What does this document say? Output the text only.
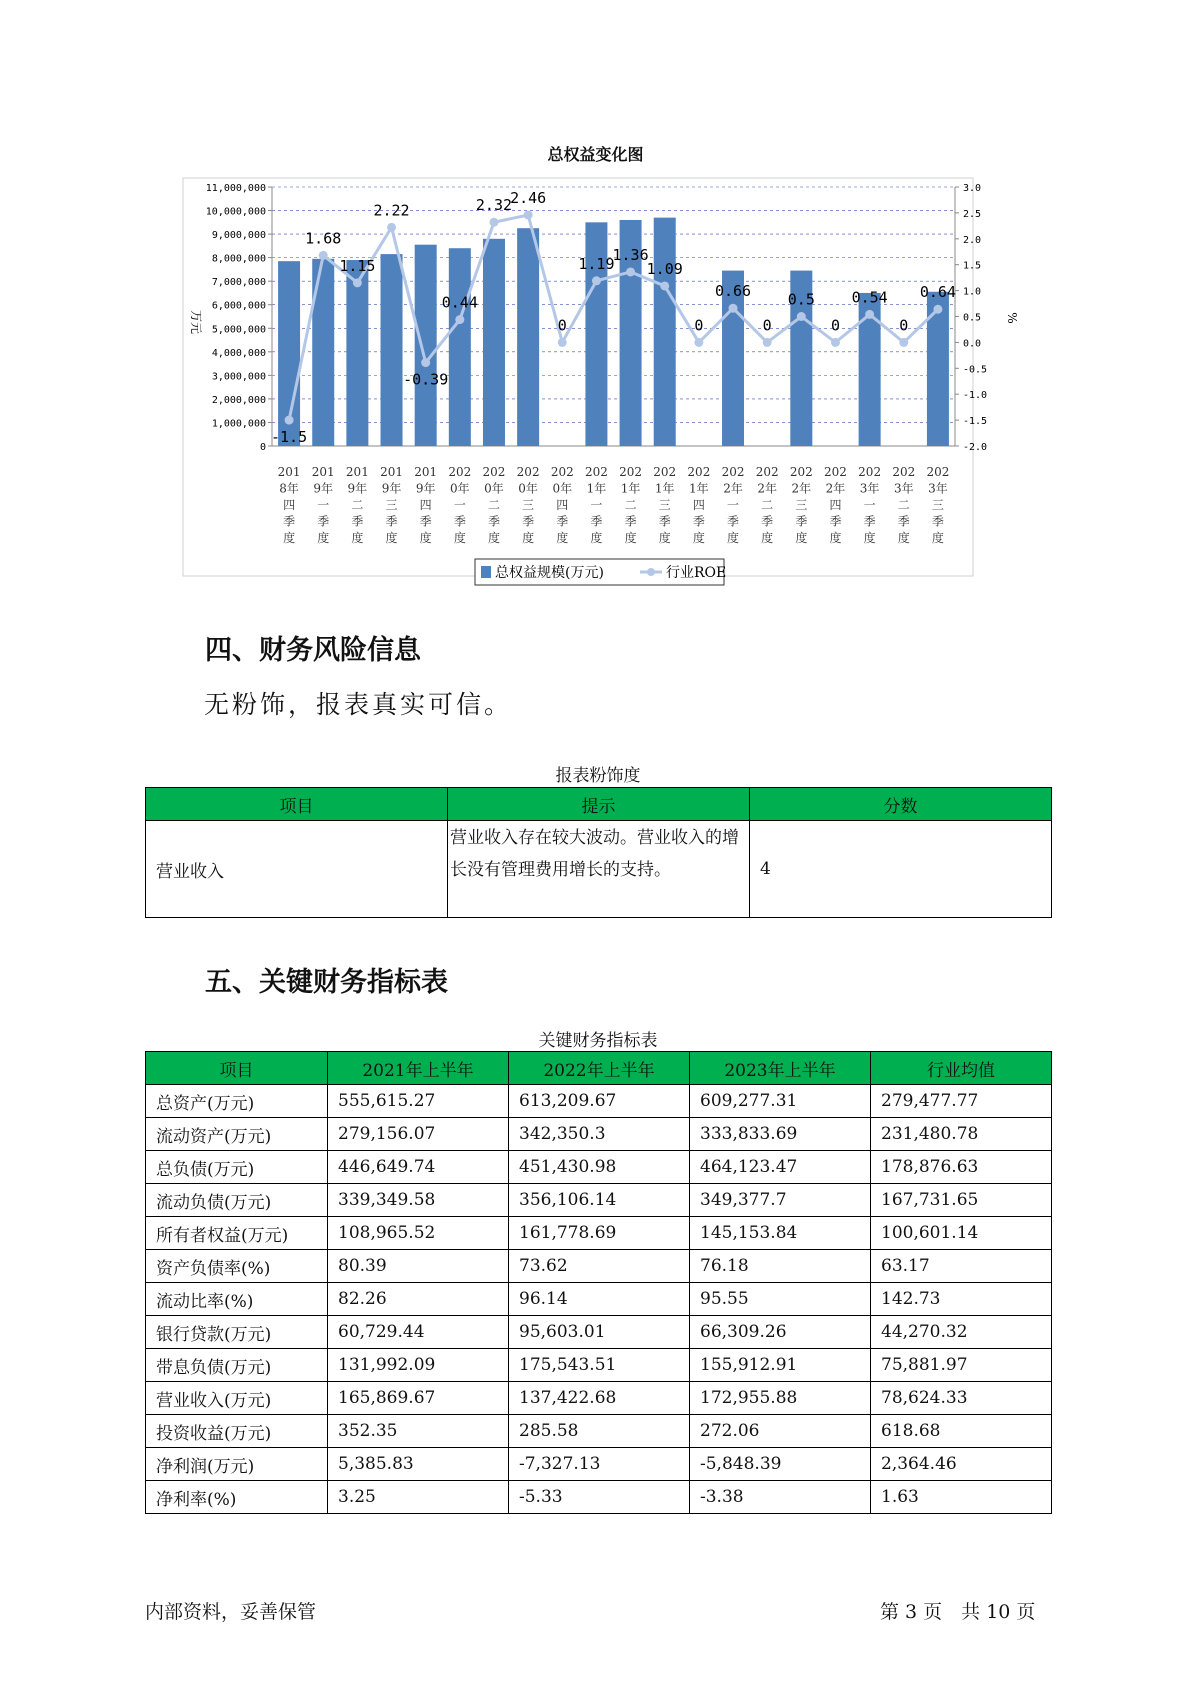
总权益变化图
11,000,000
10,000,000
9,000,000
8,000,000
7,000,000
6,000,000
5,000,000
4,000,000
3,000,000
2,000,000
1,000,000
0
3.0
2.5
2.0
1.5
1.0
0.5
0.0
-0.5
-1.0
-1.5
-2.0
万元	%
-1.5
1.68
1.15
2.22
-0.39
0.44
2.32
2.46
0
1.19
1.36
1.09
0
0.66
0
0.5
0
0.54
0
0.64
201
8年
四
季
度
201
9年
一
季
度
201
9年
二
季
度
201
9年
三
季
度
201
9年
四
季
度
202
0年
一
季
度
202
0年
二
季
度
202
0年
三
季
度
202
0年
四
季
度
202
1年
一
季
度
202
1年
二
季
度
202
1年
三
季
度
202
1年
四
季
度
202
2年
一
季
度
202
2年
二
季
度
202
2年
三
季
度
202
2年
四
季
度
202
3年
一
季
度
202
3年
二
季
度
202
3年
三
季
度
总权益规模(万元)	行业ROE
四、财务风险信息
无粉饰，报表真实可信。
报表粉饰度
项目	提示	分数
营业收入	营业收入存在较大波动。营业收入的增长没有管理费用增长的支持。	4
五、关键财务指标表
关键财务指标表
项目	2021年上半年	2022年上半年	2023年上半年	行业均值
总资产(万元)	555,615.27	613,209.67	609,277.31	279,477.77
流动资产(万元)	279,156.07	342,350.3	333,833.69	231,480.78
总负债(万元)	446,649.74	451,430.98	464,123.47	178,876.63
流动负债(万元)	339,349.58	356,106.14	349,377.7	167,731.65
所有者权益(万元)	108,965.52	161,778.69	145,153.84	100,601.14
资产负债率(%)	80.39	73.62	76.18	63.17
流动比率(%)	82.26	96.14	95.55	142.73
银行贷款(万元)	60,729.44	95,603.01	66,309.26	44,270.32
带息负债(万元)	131,992.09	175,543.51	155,912.91	75,881.97
营业收入(万元)	165,869.67	137,422.68	172,955.88	78,624.33
投资收益(万元)	352.35	285.58	272.06	618.68
净利润(万元)	5,385.83	-7,327.13	-5,848.39	2,364.46
净利率(%)	3.25	-5.33	-3.38	1.63
内部资料，妥善保管	第 3 页　共 10 页
